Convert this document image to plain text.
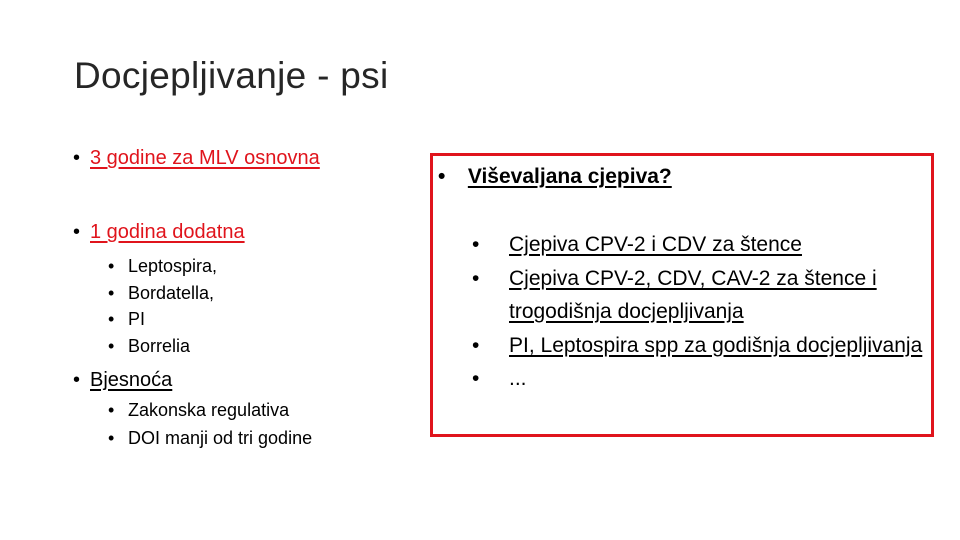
Docjepljivanje - psi
• 3 godine za MLV osnovna
• 1 godina dodatna
• Leptospira,
• Bordatella,
• PI
• Borrelia
• Bjesnoća
• Zakonska regulativa
• DOI manji od tri godine
• Viševaljana cjepiva?
•	Cjepiva CPV-2 i CDV za štence
•	Cjepiva CPV-2, CDV, CAV-2 za štence i trogodišnja docjepljivanja
•	PI, Leptospira spp za godišnja docjepljivanja
•	...
